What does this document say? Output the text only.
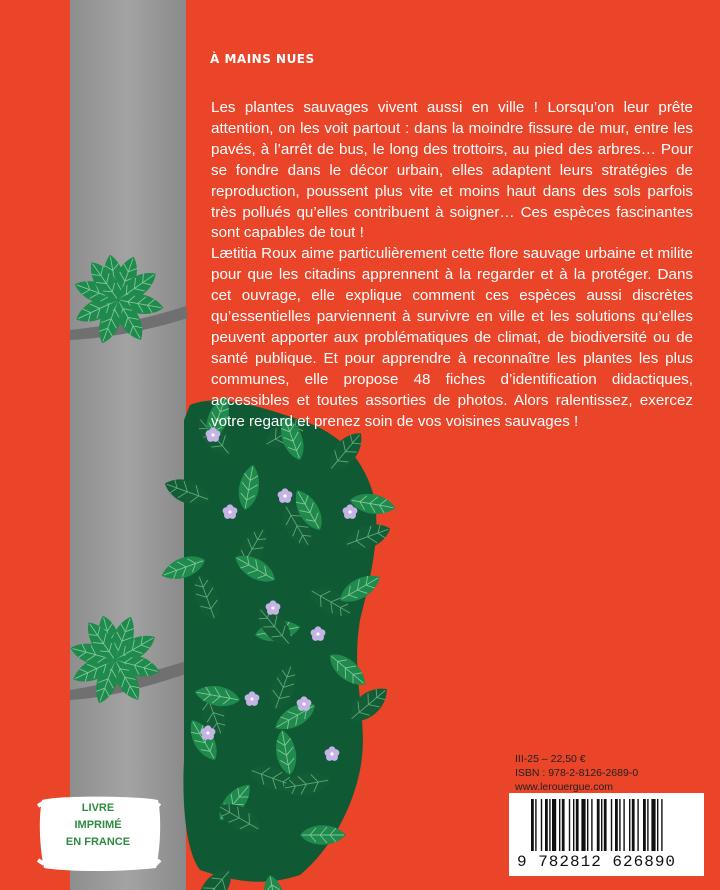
À MAINS NUES

Les plantes sauvages vivent aussi en ville ! Lorsqu’on leur prête attention, on les voit partout : dans la moindre fissure de mur, entre les pavés, à l’arrêt de bus, le long des trottoirs, au pied des arbres… Pour se fondre dans le décor urbain, elles adaptent leurs stratégies de reproduction, poussent plus vite et moins haut dans des sols parfois très pollués qu’elles contribuent à soigner… Ces espèces fascinantes sont capables de tout !

Lætitia Roux aime particulièrement cette flore sauvage urbaine et milite pour que les citadins apprennent à la regarder et à la protéger. Dans cet ouvrage, elle explique comment ces espèces aussi discrètes qu’essentielles parviennent à survivre en ville et les solutions qu’elles peuvent apporter aux problématiques de climat, de biodiversité ou de santé publique. Et pour apprendre à reconnaître les plantes les plus communes, elle propose 48 fiches d’identification didactiques, accessibles et toutes assorties de photos. Alors ralentissez, exercez votre regard et prenez soin de vos voisines sauvages !

III-25 – 22,50 €
ISBN : 978-2-8126-2689-0
www.lerouergue.com
9 782812 626890
LIVRE
IMPRIMÉ
EN FRANCE
